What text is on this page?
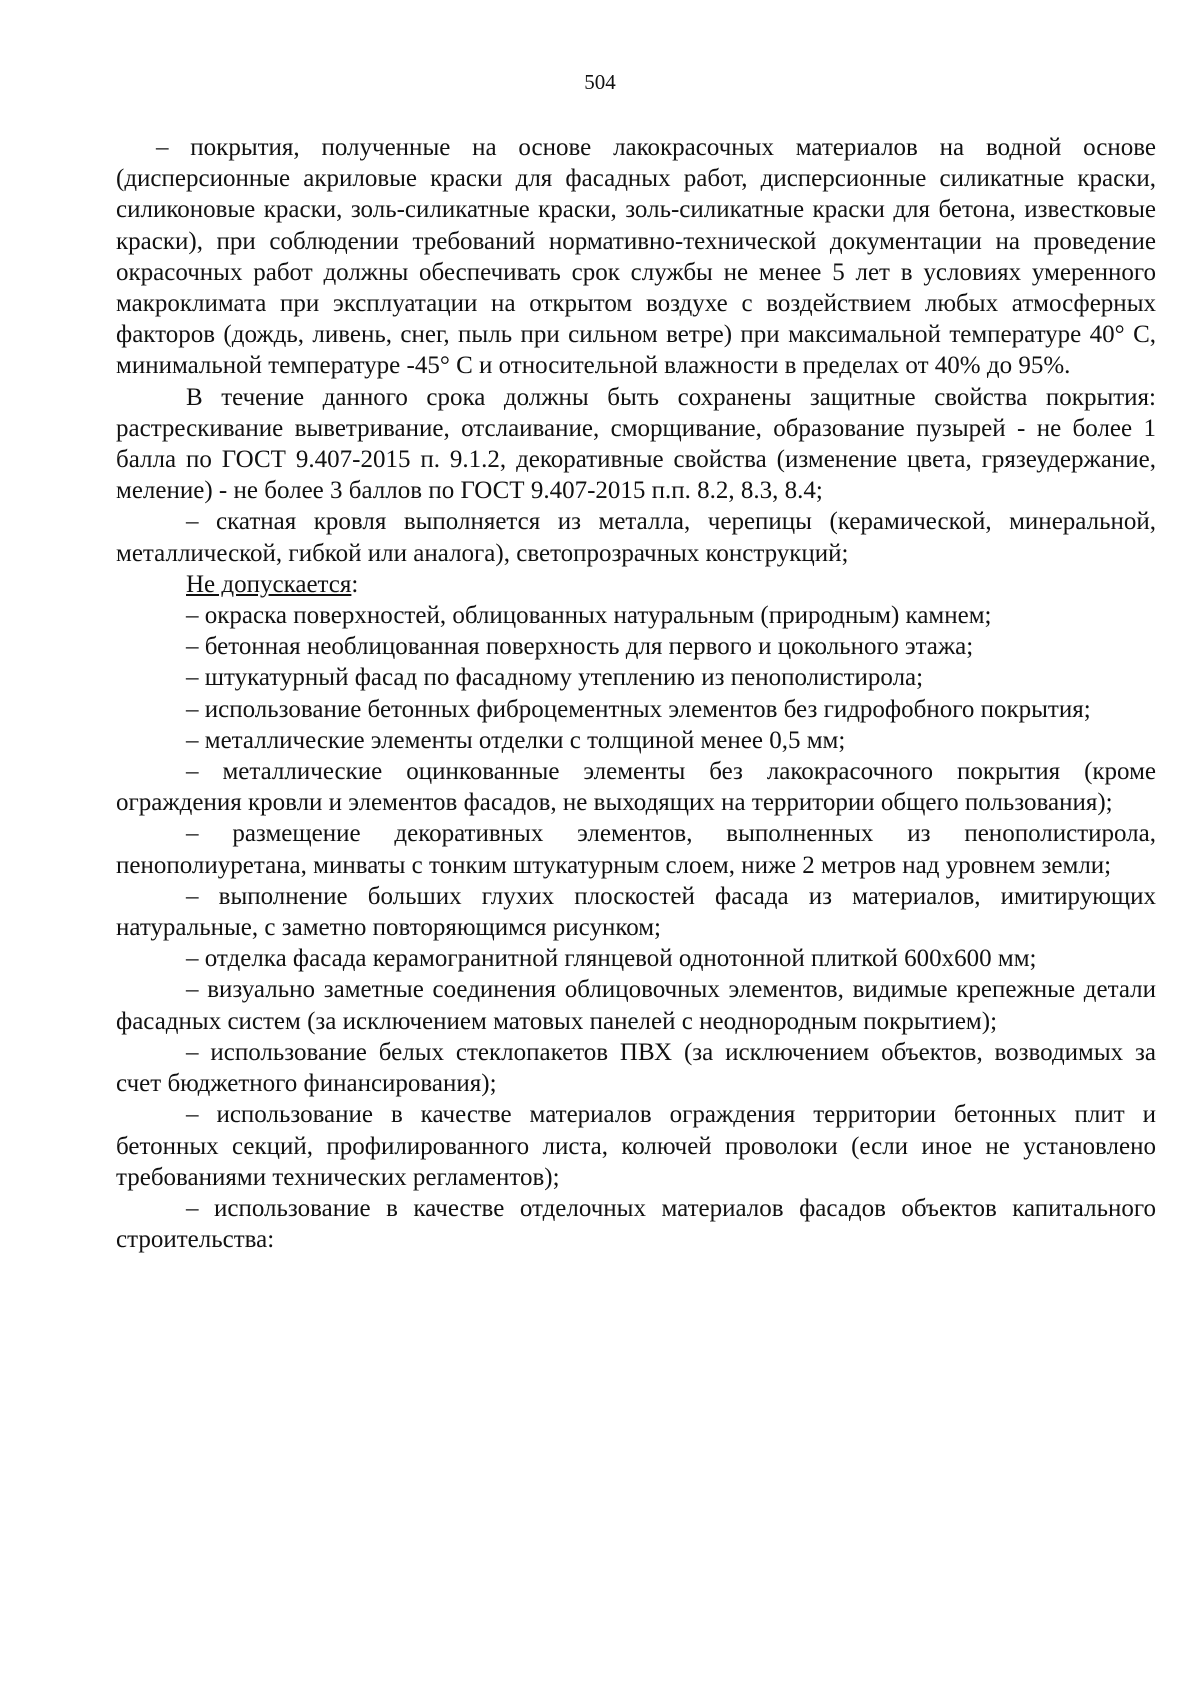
504

– покрытия, полученные на основе лакокрасочных материалов на водной основе (дисперсионные акриловые краски для фасадных работ, дисперсионные силикатные краски, силиконовые краски, золь-силикатные краски, золь-силикатные краски для бетона, известковые краски), при соблюдении требований нормативно-технической документации на проведение окрасочных работ должны обеспечивать срок службы не менее 5 лет в условиях умеренного макроклимата при эксплуатации на открытом воздухе с воздействием любых атмосферных факторов (дождь, ливень, снег, пыль при сильном ветре) при максимальной температуре 40° С, минимальной температуре -45° С и относительной влажности в пределах от 40% до 95%.

В течение данного срока должны быть сохранены защитные свойства покрытия: растрескивание выветривание, отслаивание, сморщивание, образование пузырей - не более 1 балла по ГОСТ 9.407-2015 п. 9.1.2, декоративные свойства (изменение цвета, грязеудержание, меление) - не более 3 баллов по ГОСТ 9.407-2015 п.п. 8.2, 8.3, 8.4;

– скатная кровля выполняется из металла, черепицы (керамической, минеральной, металлической, гибкой или аналога), светопрозрачных конструкций;

Не допускается:

– окраска поверхностей, облицованных натуральным (природным) камнем;

– бетонная необлицованная поверхность для первого и цокольного этажа;

– штукатурный фасад по фасадному утеплению из пенополистирола;

– использование бетонных фиброцементных элементов без гидрофобного покрытия;

– металлические элементы отделки с толщиной менее 0,5 мм;

– металлические оцинкованные элементы без лакокрасочного покрытия (кроме ограждения кровли и элементов фасадов, не выходящих на территории общего пользования);

– размещение декоративных элементов, выполненных из пенополистирола, пенополиуретана, минваты с тонким штукатурным слоем, ниже 2 метров над уровнем земли;

– выполнение больших глухих плоскостей фасада из материалов, имитирующих натуральные, с заметно повторяющимся рисунком;

– отделка фасада керамогранитной глянцевой однотонной плиткой 600х600 мм;

– визуально заметные соединения облицовочных элементов, видимые крепежные детали фасадных систем (за исключением матовых панелей с неоднородным покрытием);

– использование белых стеклопакетов ПВХ (за исключением объектов, возводимых за счет бюджетного финансирования);

– использование в качестве материалов ограждения территории бетонных плит и бетонных секций, профилированного листа, колючей проволоки (если иное не установлено требованиями технических регламентов);

– использование в качестве отделочных материалов фасадов объектов капитального строительства:
